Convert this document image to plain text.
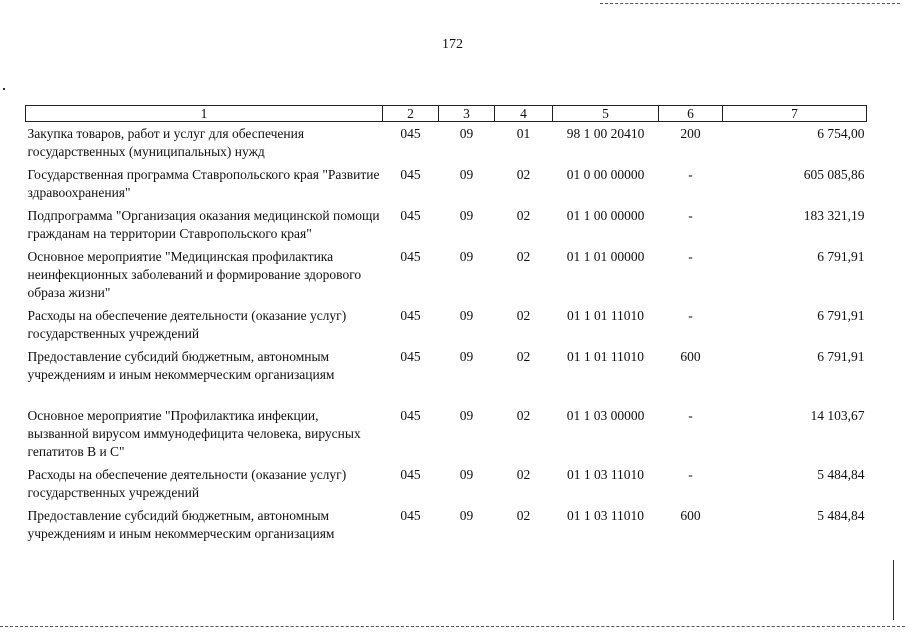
172
1	2	3	4	5	6	7
Закупка товаров, работ и услуг для обеспечения государственных (муниципальных) нужд	045	09	01	98 1 00 20410	200	6 754,00
Государственная программа Ставропольского края "Развитие здравоохранения"	045	09	02	01 0 00 00000	-	605 085,86
Подпрограмма "Организация оказания медицинской помощи гражданам на территории Ставропольского края"	045	09	02	01 1 00 00000	-	183 321,19
Основное мероприятие "Медицинская профилактика неинфекционных заболеваний и формирование здорового образа жизни"	045	09	02	01 1 01 00000	-	6 791,91
Расходы на обеспечение деятельности (оказание услуг) государственных учреждений	045	09	02	01 1 01 11010	-	6 791,91
Предоставление субсидий бюджетным, автономным учреждениям и иным некоммерческим организациям	045	09	02	01 1 01 11010	600	6 791,91
Основное мероприятие "Профилактика инфекции, вызванной вирусом иммунодефицита человека, вирусных гепатитов В и С"	045	09	02	01 1 03 00000	-	14 103,67
Расходы на обеспечение деятельности (оказание услуг) государственных учреждений	045	09	02	01 1 03 11010	-	5 484,84
Предоставление субсидий бюджетным, автономным учреждениям и иным некоммерческим организациям	045	09	02	01 1 03 11010	600	5 484,84
